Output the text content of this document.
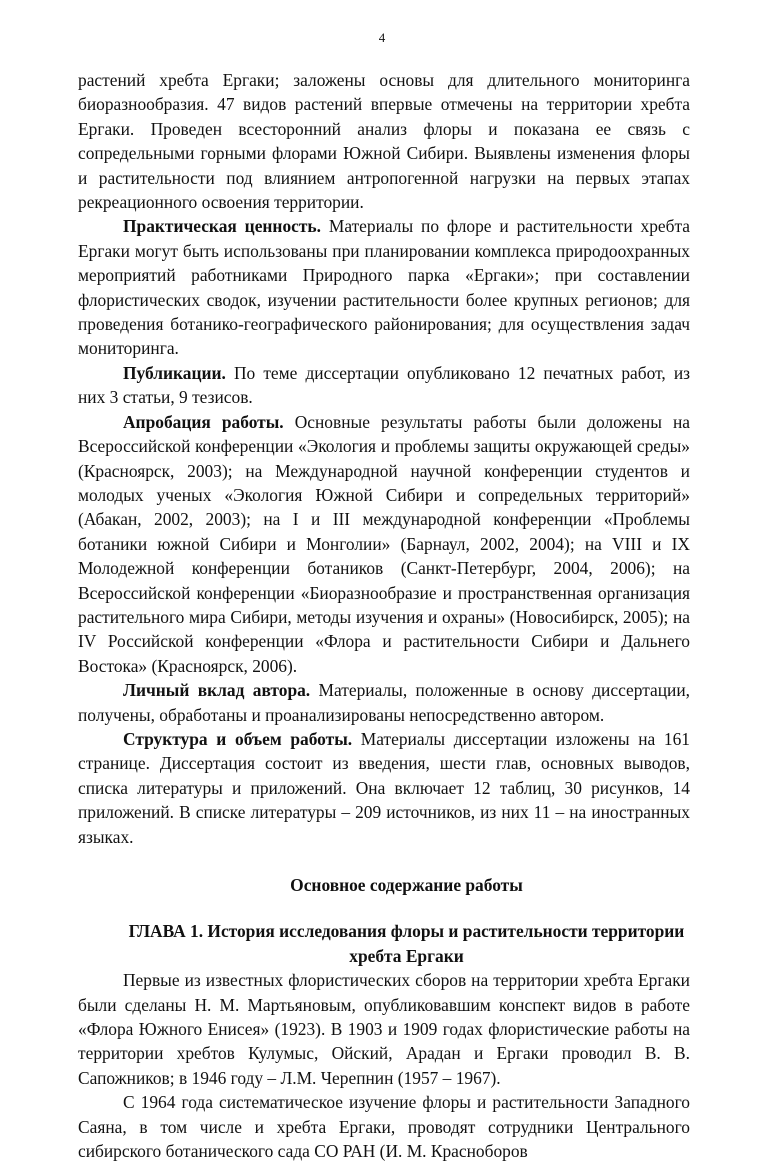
4

растений хребта Ергаки; заложены основы для длительного мониторинга биоразнообразия. 47 видов растений впервые отмечены на территории хребта Ергаки. Проведен всесторонний анализ флоры и показана ее связь с сопредельными горными флорами Южной Сибири. Выявлены изменения флоры и растительности под влиянием антропогенной нагрузки на первых этапах рекреационного освоения территории.

Практическая ценность. Материалы по флоре и растительности хребта Ергаки могут быть использованы при планировании комплекса природоохранных мероприятий работниками Природного парка «Ергаки»; при составлении флористических сводок, изучении растительности более крупных регионов; для проведения ботанико-географического районирования; для осуществления задач мониторинга.

Публикации. По теме диссертации опубликовано 12 печатных работ, из них 3 статьи, 9 тезисов.

Апробация работы. Основные результаты работы были доложены на Всероссийской конференции «Экология и проблемы защиты окружающей среды» (Красноярск, 2003); на Международной научной конференции студентов и молодых ученых «Экология Южной Сибири и сопредельных территорий» (Абакан, 2002, 2003); на I и III международной конференции «Проблемы ботаники южной Сибири и Монголии» (Барнаул, 2002, 2004); на VIII и IX Молодежной конференции ботаников (Санкт-Петербург, 2004, 2006); на Всероссийской конференции «Биоразнообразие и пространственная организация растительного мира Сибири, методы изучения и охраны» (Новосибирск, 2005); на IV Российской конференции «Флора и растительности Сибири и Дальнего Востока» (Красноярск, 2006).

Личный вклад автора. Материалы, положенные в основу диссертации, получены, обработаны и проанализированы непосредственно автором.

Структура и объем работы. Материалы диссертации изложены на 161 странице. Диссертация состоит из введения, шести глав, основных выводов, списка литературы и приложений. Она включает 12 таблиц, 30 рисунков, 14 приложений. В списке литературы – 209 источников, из них 11 – на иностранных языках.

Основное содержание работы

ГЛАВА 1. История исследования флоры и растительности территории

хребта Ергаки

Первые из известных флористических сборов на территории хребта Ергаки были сделаны Н. М. Мартьяновым, опубликовавшим конспект видов в работе «Флора Южного Енисея» (1923). В 1903 и 1909 годах флористические работы на территории хребтов Кулумыс, Ойский, Арадан и Ергаки проводил В. В. Сапожников; в 1946 году – Л.М. Черепнин (1957 – 1967).

С 1964 года систематическое изучение флоры и растительности Западного Саяна, в том числе и хребта Ергаки, проводят сотрудники Центрального сибирского ботанического сада СО РАН (И. М. Красноборов
